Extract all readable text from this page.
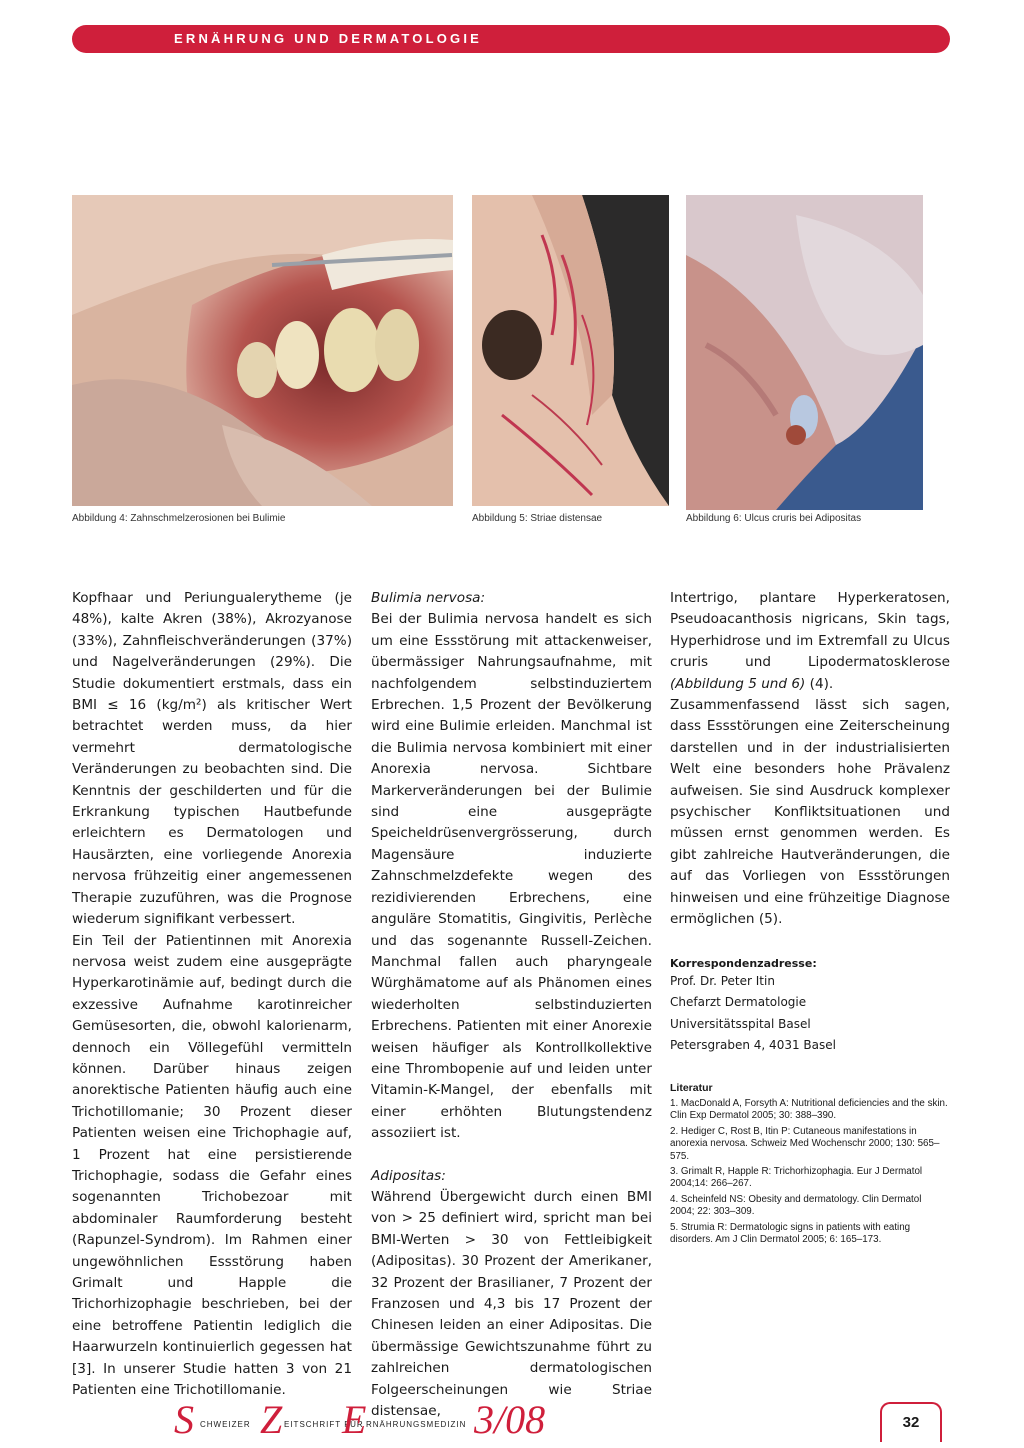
ERNÄHRUNG UND DERMATOLOGIE
Abbildung 4: Zahnschmelzerosionen bei Bulimie	Abbildung 5: Striae distensae	Abbildung 6: Ulcus cruris bei Adipositas

Kopfhaar und Periungualerytheme (je 48%), kalte Akren (38%), Akrozyanose (33%), Zahnfleischveränderungen (37%) und Nagelveränderungen (29%). Die Studie dokumentiert erstmals, dass ein BMI ≤ 16 (kg/m²) als kritischer Wert betrachtet werden muss, da hier vermehrt dermatologische Veränderungen zu beobachten sind. Die Kenntnis der geschilderten und für die Erkrankung typischen Hautbefunde erleichtern es Dermatologen und Hausärzten, eine vorliegende Anorexia nervosa frühzeitig einer angemessenen Therapie zuzuführen, was die Prognose wiederum signifikant verbessert.

Ein Teil der Patientinnen mit Anorexia nervosa weist zudem eine ausgeprägte Hyperkarotinämie auf, bedingt durch die exzessive Aufnahme karotinreicher Gemüsesorten, die, obwohl kalorienarm, dennoch ein Völlegefühl vermitteln können. Darüber hinaus zeigen anorektische Patienten häufig auch eine Trichotillomanie; 30 Prozent dieser Patienten weisen eine Trichophagie auf, 1 Prozent hat eine persistierende Trichophagie, sodass die Gefahr eines sogenannten Trichobezoar mit abdominaler Raumforderung besteht (Rapunzel-Syndrom). Im Rahmen einer ungewöhnlichen Essstörung haben Grimalt und Happle die Trichorhizophagie beschrieben, bei der eine betroffene Patientin lediglich die Haarwurzeln kontinuierlich gegessen hat [3]. In unserer Studie hatten 3 von 21 Patienten eine Trichotillomanie.

Bulimia nervosa:

Bei der Bulimia nervosa handelt es sich um eine Essstörung mit attackenweiser, übermässiger Nahrungsaufnahme, mit nachfolgendem selbstinduziertem Erbrechen. 1,5 Prozent der Bevölkerung wird eine Bulimie erleiden. Manchmal ist die Bulimia nervosa kombiniert mit einer Anorexia nervosa. Sichtbare Markerveränderungen bei der Bulimie sind eine ausgeprägte Speicheldrüsenvergrösserung, durch Magensäure induzierte Zahnschmelzdefekte wegen des rezidivierenden Erbrechens, eine anguläre Stomatitis, Gingivitis, Perlèche und das sogenannte Russell-Zeichen. Manchmal fallen auch pharyngeale Würghämatome auf als Phänomen eines wiederholten selbstinduzierten Erbrechens. Patienten mit einer Anorexie weisen häufiger als Kontrollkollektive eine Thrombopenie auf und leiden unter Vitamin-K-Mangel, der ebenfalls mit einer erhöhten Blutungstendenz assoziiert ist.

Adipositas:

Während Übergewicht durch einen BMI von > 25 definiert wird, spricht man bei BMI-Werten > 30 von Fettleibigkeit (Adipositas). 30 Prozent der Amerikaner, 32 Prozent der Brasilianer, 7 Prozent der Franzosen und 4,3 bis 17 Prozent der Chinesen leiden an einer Adipositas. Die übermässige Gewichtszunahme führt zu zahlreichen dermatologischen Folgeerscheinungen wie Striae distensae,

Intertrigo, plantare Hyperkeratosen, Pseudoacanthosis nigricans, Skin tags, Hyperhidrose und im Extremfall zu Ulcus cruris und Lipodermatosklerose (Abbildung 5 und 6) (4).

Zusammenfassend lässt sich sagen, dass Essstörungen eine Zeiterscheinung darstellen und in der industrialisierten Welt eine besonders hohe Prävalenz aufweisen. Sie sind Ausdruck komplexer psychischer Konfliktsituationen und müssen ernst genommen werden. Es gibt zahlreiche Hautveränderungen, die auf das Vorliegen von Essstörungen hinweisen und eine frühzeitige Diagnose ermöglichen (5).

Korrespondenzadresse:

Prof. Dr. Peter Itin

Chefarzt Dermatologie

Universitätsspital Basel

Petersgraben 4, 4031 Basel

Literatur

1. MacDonald A, Forsyth A: Nutritional deficiencies and the skin. Clin Exp Dermatol 2005; 30: 388–390.

2. Hediger C, Rost B, Itin P: Cutaneous manifestations in anorexia nervosa. Schweiz Med Wochenschr 2000; 130: 565–575.

3. Grimalt R, Happle R: Trichorhizophagia. Eur J Dermatol 2004;14: 266–267.

4. Scheinfeld NS: Obesity and dermatology. Clin Dermatol 2004; 22: 303–309.

5. Strumia R: Dermatologic signs in patients with eating disorders. Am J Clin Dermatol 2005; 6: 165–173.

S CHWEIZER Z EITSCHRIFT FÜR
E RNÄHRUNGSMEDIZIN 3/08	32
